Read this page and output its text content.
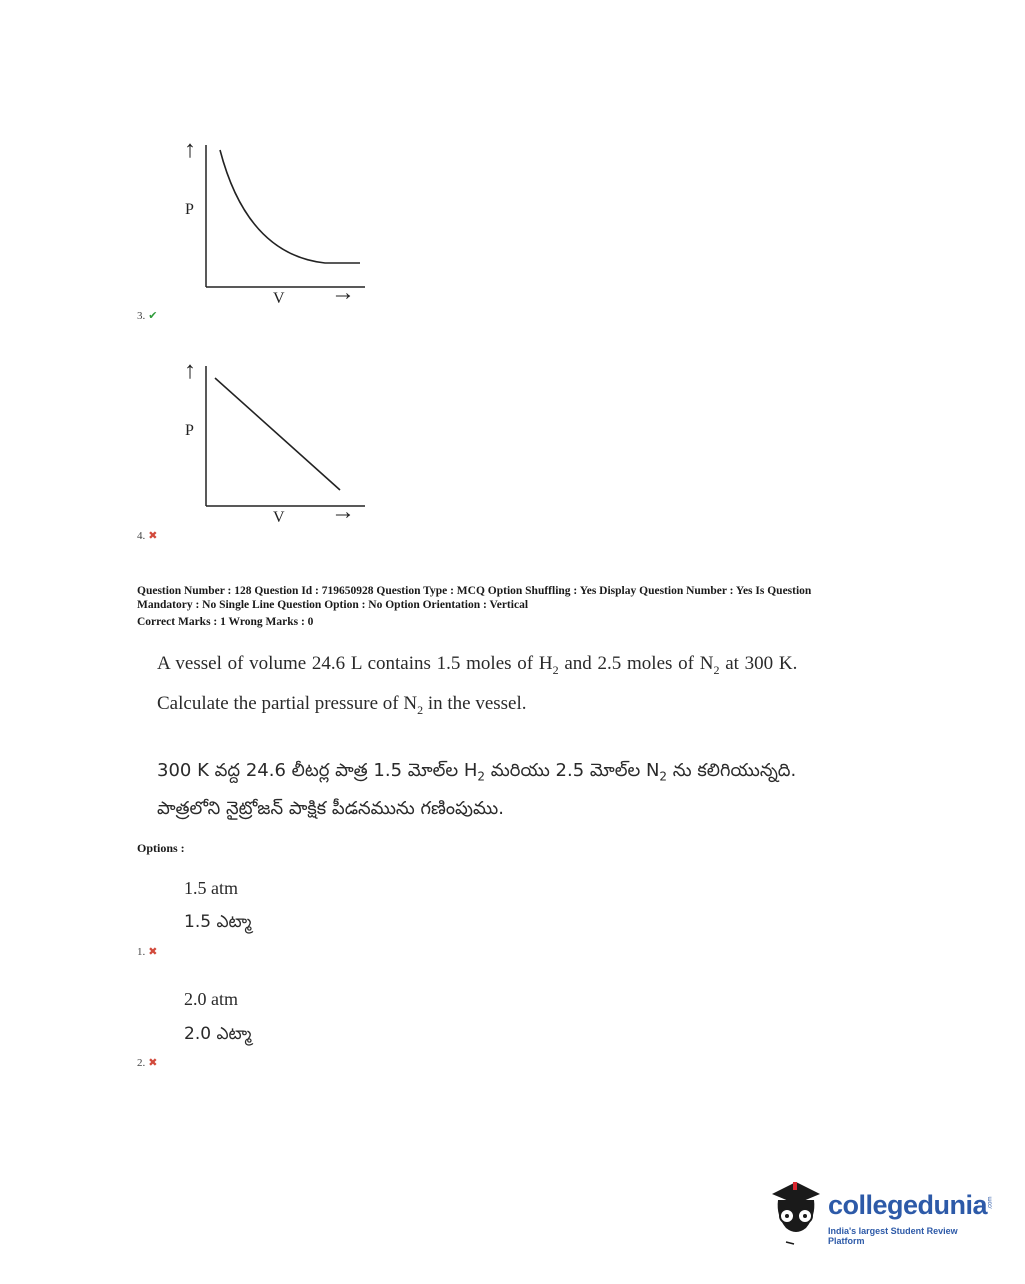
↑
P
V →
3. ✔
↑
P
V →
4. ✖
Question Number : 128 Question Id : 719650928 Question Type : MCQ Option Shuffling : Yes Display Question Number : Yes Is Question
Mandatory : No Single Line Question Option : No Option Orientation : Vertical
Correct Marks : 1 Wrong Marks : 0
A vessel of volume 24.6 L contains 1.5 moles of $H_2$ and 2.5 moles of $N_2$ at 300 K.
Calculate the partial pressure of $N_2$ in the vessel.
300 K వద్ద 24.6 లీటర్ల పాత్ర 1.5 మోల్‌ల $H_2$ మరియు 2.5 మోల్‌ల $N_2$ ను కలిగియున్నది.
పాత్రలోని నైట్రోజన్ పాక్షిక పీడనమును గణింపుము.
Options :
1.5 atm
1.5 ఎట్మా
1. ✖
2.0 atm
2.0 ఎట్మా
2. ✖
collegedunia .com
India's largest Student Review Platform
